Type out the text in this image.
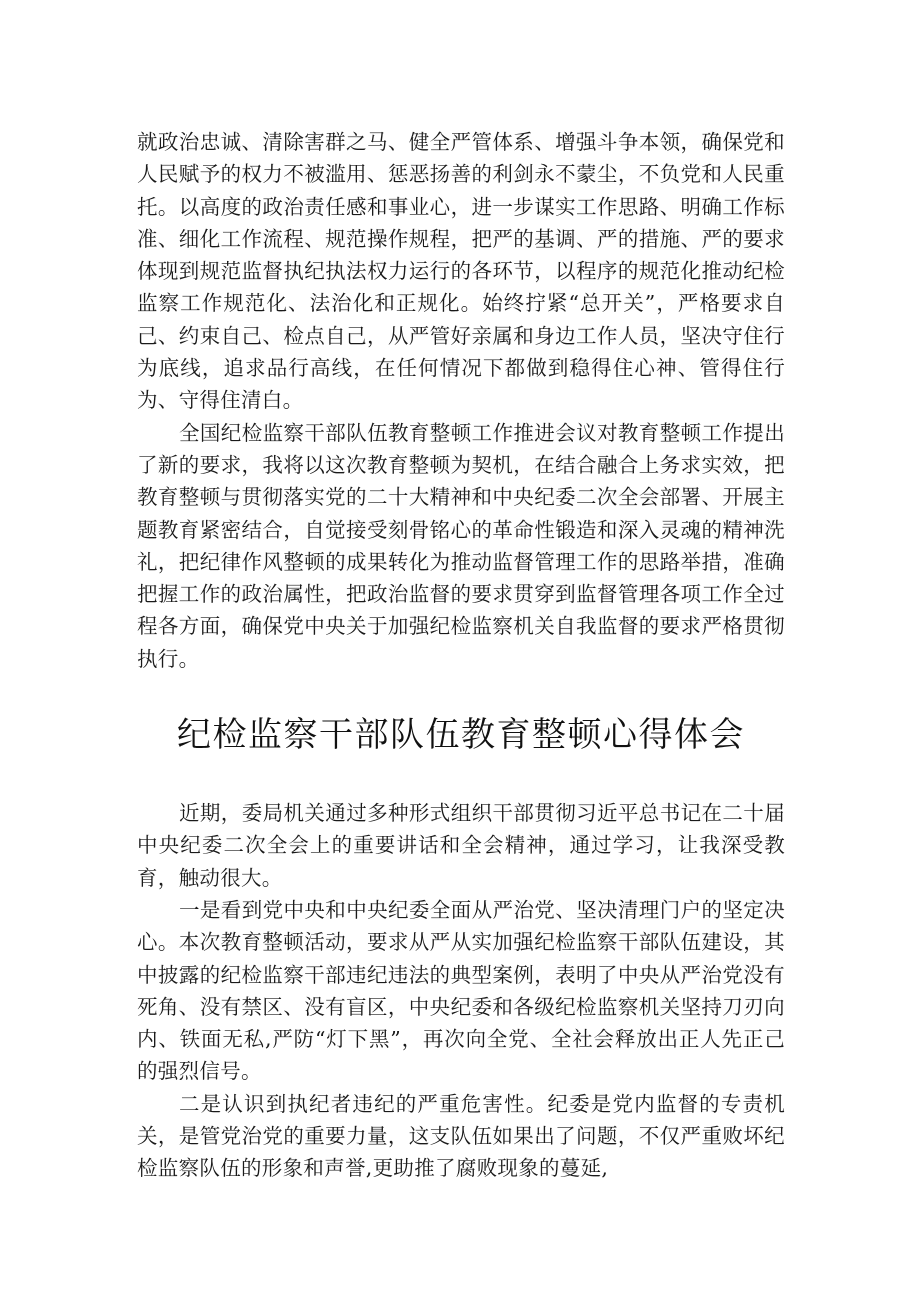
就政治忠诚、清除害群之马、健全严管体系、增强斗争本领，确保党和人民赋予的权力不被滥用、惩恶扬善的利剑永不蒙尘，不负党和人民重托。以高度的政治责任感和事业心，进一步谋实工作思路、明确工作标准、细化工作流程、规范操作规程，把严的基调、严的措施、严的要求体现到规范监督执纪执法权力运行的各环节，以程序的规范化推动纪检监察工作规范化、法治化和正规化。始终拧紧“总开关”，严格要求自己、约束自己、检点自己，从严管好亲属和身边工作人员，坚决守住行为底线，追求品行高线，在任何情况下都做到稳得住心神、管得住行为、守得住清白。

全国纪检监察干部队伍教育整顿工作推进会议对教育整顿工作提出了新的要求，我将以这次教育整顿为契机，在结合融合上务求实效，把教育整顿与贯彻落实党的二十大精神和中央纪委二次全会部署、开展主题教育紧密结合，自觉接受刻骨铭心的革命性锻造和深入灵魂的精神洗礼，把纪律作风整顿的成果转化为推动监督管理工作的思路举措，准确把握工作的政治属性，把政治监督的要求贯穿到监督管理各项工作全过程各方面，确保党中央关于加强纪检监察机关自我监督的要求严格贯彻执行。

纪检监察干部队伍教育整顿心得体会

近期，委局机关通过多种形式组织干部贯彻习近平总书记在二十届中央纪委二次全会上的重要讲话和全会精神，通过学习，让我深受教育，触动很大。

一是看到党中央和中央纪委全面从严治党、坚决清理门户的坚定决心。本次教育整顿活动，要求从严从实加强纪检监察干部队伍建设，其中披露的纪检监察干部违纪违法的典型案例，表明了中央从严治党没有死角、没有禁区、没有盲区，中央纪委和各级纪检监察机关坚持刀刃向内、铁面无私,严防“灯下黑”，再次向全党、全社会释放出正人先正己的强烈信号。

二是认识到执纪者违纪的严重危害性。纪委是党内监督的专责机关，是管党治党的重要力量，这支队伍如果出了问题，不仅严重败坏纪检监察队伍的形象和声誉,更助推了腐败现象的蔓延,
